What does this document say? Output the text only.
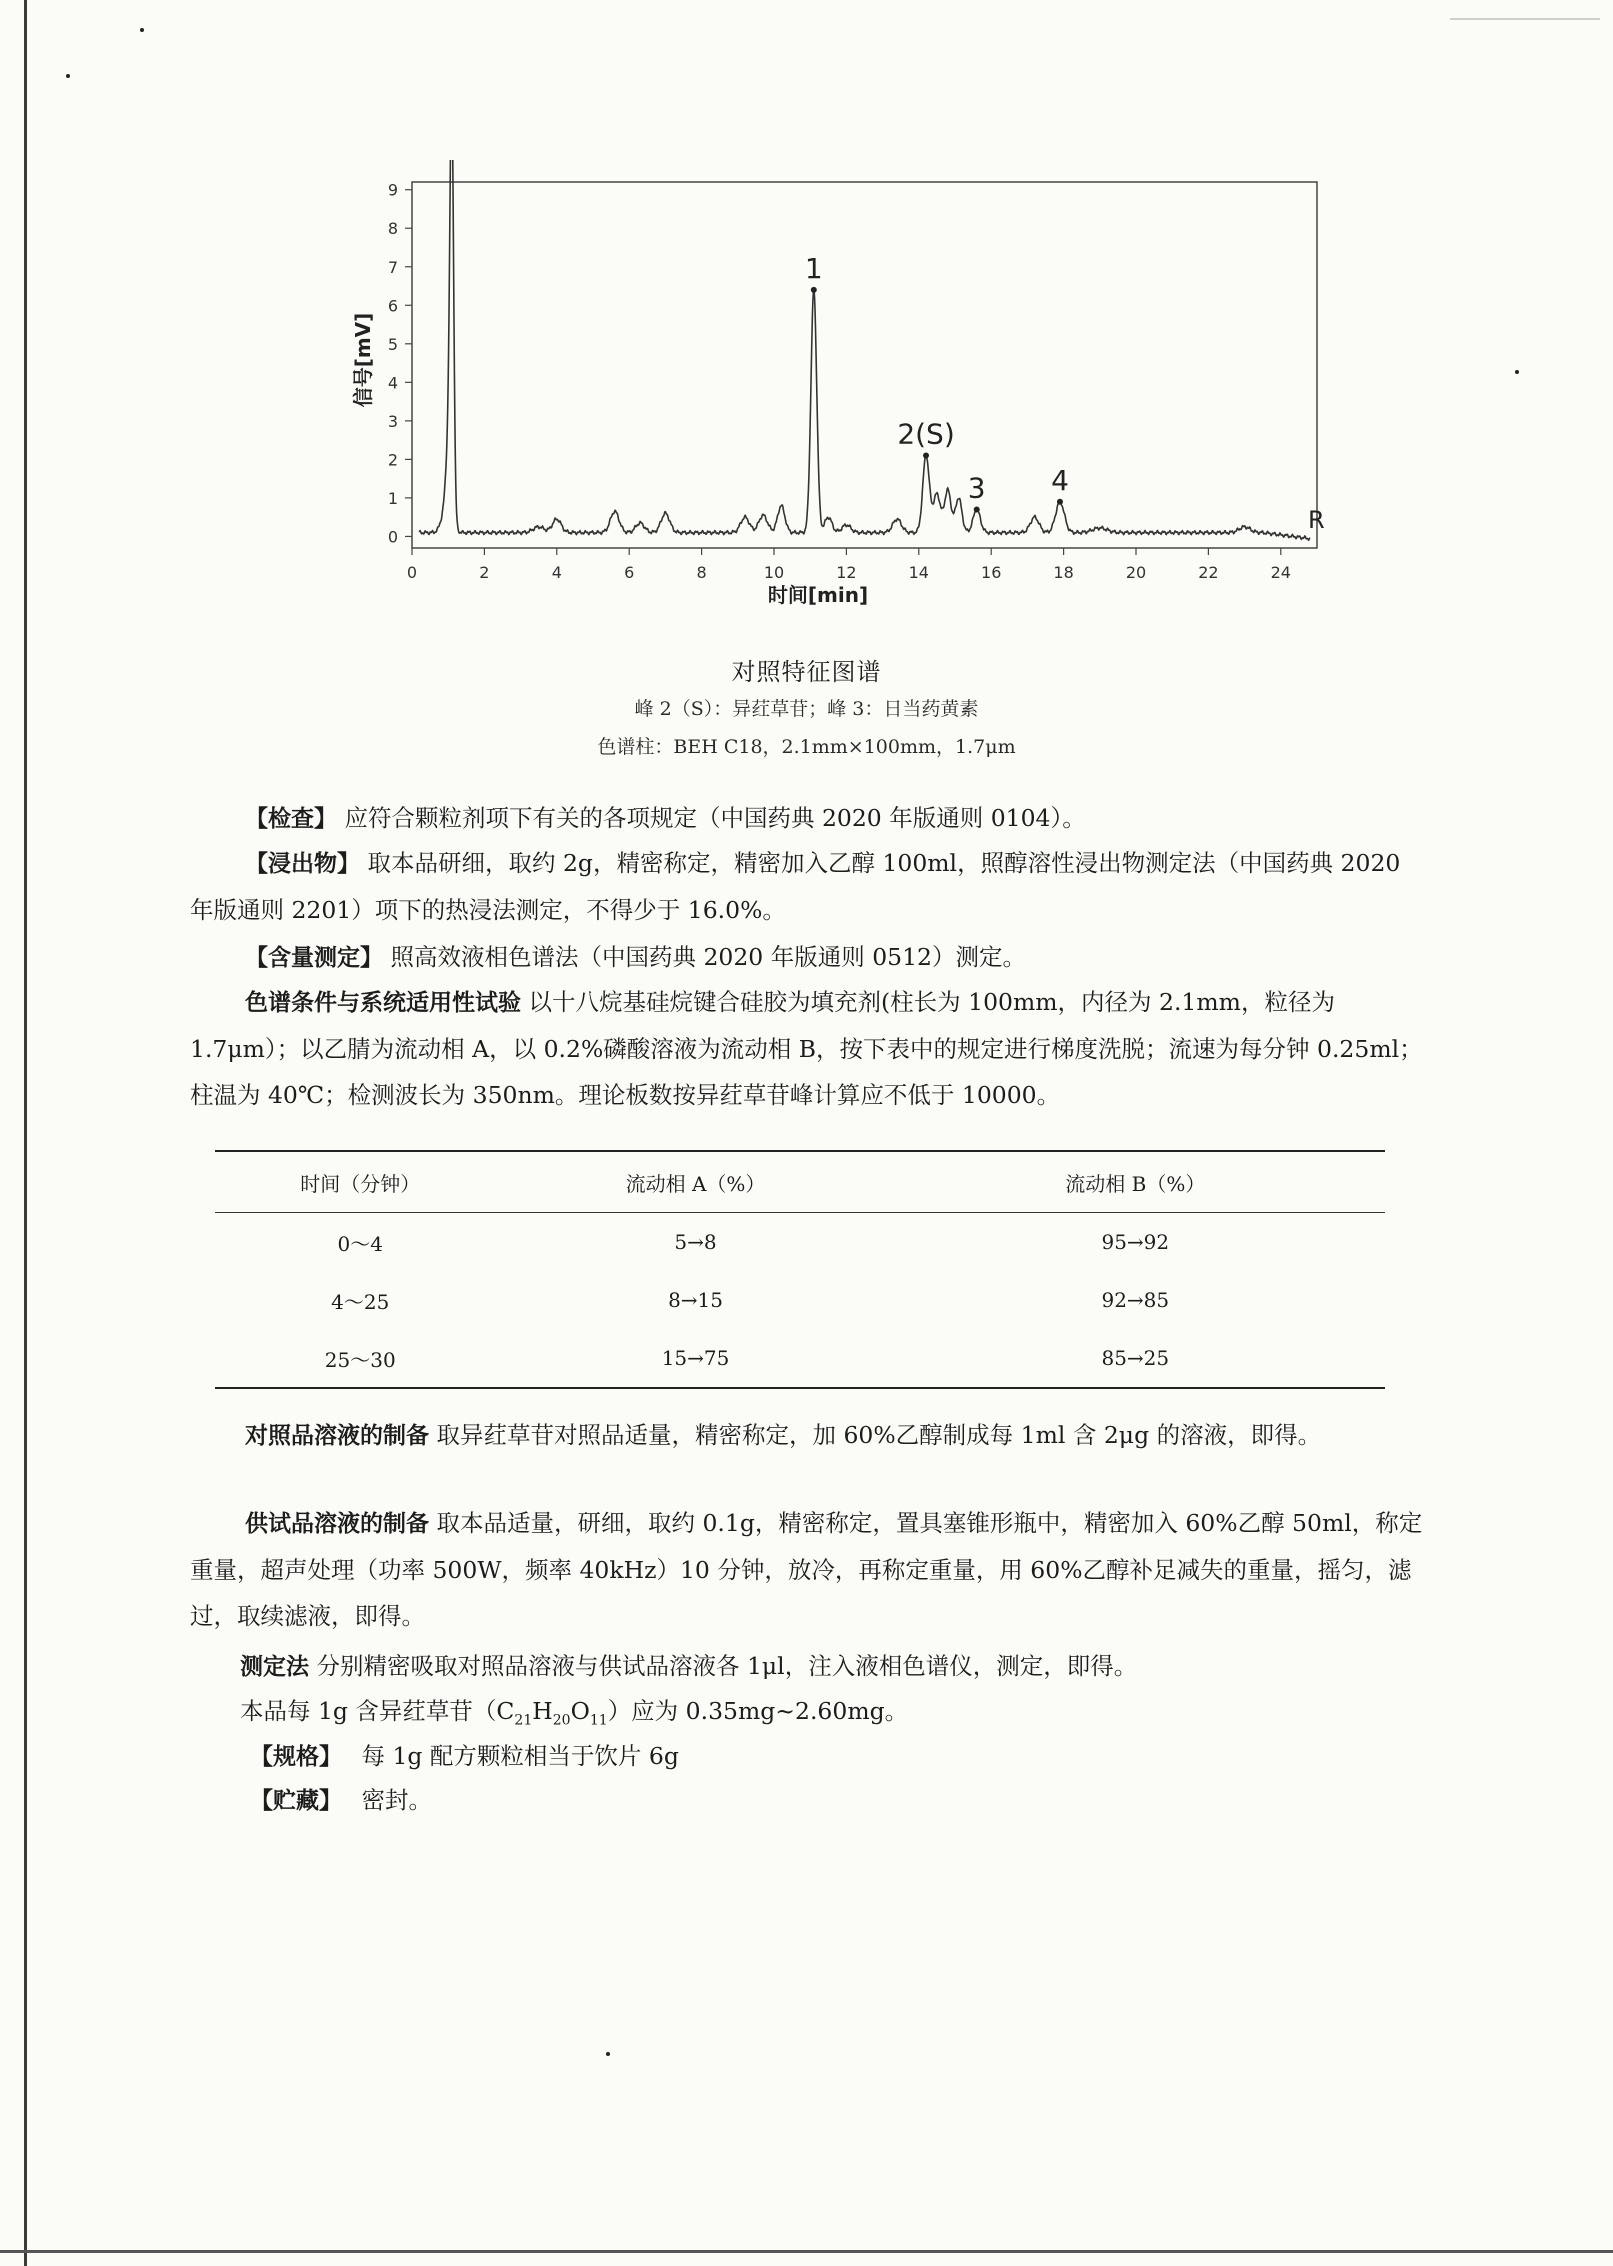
信号[mV]
时间[min]
0
1
2
3
4
5
6
7
8
9
0	2	4	6	8	10	12	14	16	18	20	22	24
1
2(S)
3 4
R
对照特征图谱
峰 2（S）：异荭草苷；峰 3：日当药黄素
色谱柱：BEH C18，2.1mm×100mm，1.7μm
【检查】 应符合颗粒剂项下有关的各项规定（中国药典 2020 年版通则 0104）。
【浸出物】 取本品研细，取约 2g，精密称定，精密加入乙醇 100ml，照醇溶性浸出物测定法（中国药典 2020 年版通则 2201）项下的热浸法测定，不得少于 16.0%。
【含量测定】 照高效液相色谱法（中国药典 2020 年版通则 0512）测定。
色谱条件与系统适用性试验 以十八烷基硅烷键合硅胶为填充剂(柱长为 100mm，内径为 2.1mm，粒径为 1.7μm）；以乙腈为流动相 A，以 0.2%磷酸溶液为流动相 B，按下表中的规定进行梯度洗脱；流速为每分钟 0.25ml；柱温为 40℃；检测波长为 350nm。理论板数按异荭草苷峰计算应不低于 10000。
时间（分钟）	流动相 A（%）	流动相 B（%）
0～4	5→8	95→92
4～25	8→15	92→85
25～30	15→75	85→25
对照品溶液的制备 取异荭草苷对照品适量，精密称定，加 60%乙醇制成每 1ml 含 2μg 的溶液，即得。
供试品溶液的制备 取本品适量，研细，取约 0.1g，精密称定，置具塞锥形瓶中，精密加入 60%乙醇 50ml，称定重量，超声处理（功率 500W，频率 40kHz）10 分钟，放冷，再称定重量，用 60%乙醇补足减失的重量，摇匀，滤过，取续滤液，即得。
测定法 分别精密吸取对照品溶液与供试品溶液各 1μl，注入液相色谱仪，测定，即得。
本品每 1g 含异荭草苷$(C_{21}H_{20}O_{11})$应为 0.35mg~2.60mg。
【规格】 每 1g 配方颗粒相当于饮片 6g
【贮藏】 密封。
